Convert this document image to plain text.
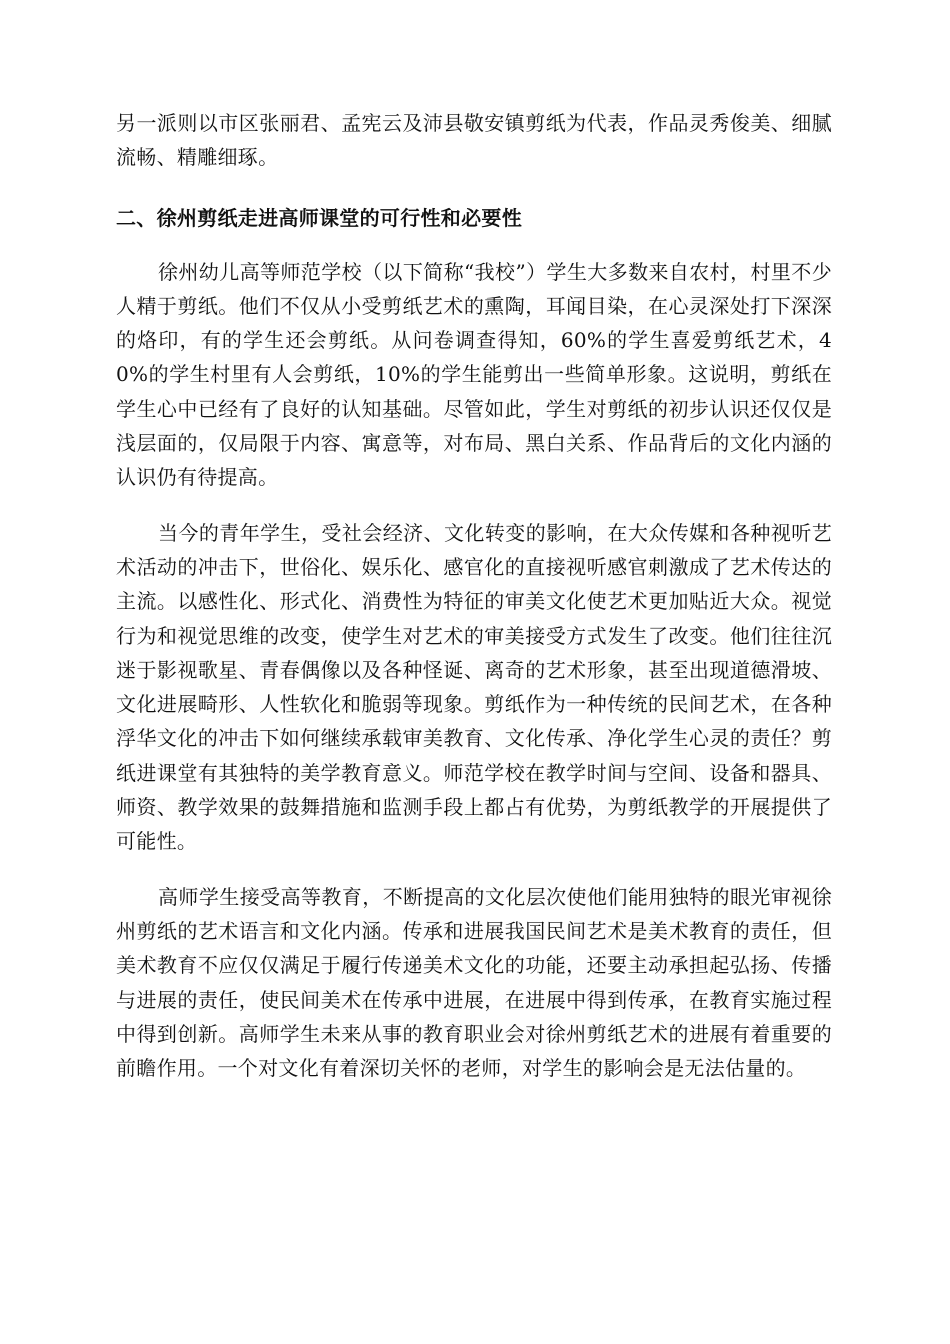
另一派则以市区张丽君、孟宪云及沛县敬安镇剪纸为代表，作品灵秀俊美、细腻流畅、精雕细琢。

二、徐州剪纸走进高师课堂的可行性和必要性

徐州幼儿高等师范学校（以下简称“我校”）学生大多数来自农村，村里不少人精于剪纸。他们不仅从小受剪纸艺术的熏陶，耳闻目染，在心灵深处打下深深的烙印，有的学生还会剪纸。从问卷调查得知，60%的学生喜爱剪纸艺术，40%的学生村里有人会剪纸，10%的学生能剪出一些简单形象。这说明，剪纸在学生心中已经有了良好的认知基础。尽管如此，学生对剪纸的初步认识还仅仅是浅层面的，仅局限于内容、寓意等，对布局、黑白关系、作品背后的文化内涵的认识仍有待提高。

当今的青年学生，受社会经济、文化转变的影响，在大众传媒和各种视听艺术活动的冲击下，世俗化、娱乐化、感官化的直接视听感官刺激成了艺术传达的主流。以感性化、形式化、消费性为特征的审美文化使艺术更加贴近大众。视觉行为和视觉思维的改变，使学生对艺术的审美接受方式发生了改变。他们往往沉迷于影视歌星、青春偶像以及各种怪诞、离奇的艺术形象，甚至出现道德滑坡、文化进展畸形、人性软化和脆弱等现象。剪纸作为一种传统的民间艺术，在各种浮华文化的冲击下如何继续承载审美教育、文化传承、净化学生心灵的责任？剪纸进课堂有其独特的美学教育意义。师范学校在教学时间与空间、设备和器具、师资、教学效果的鼓舞措施和监测手段上都占有优势，为剪纸教学的开展提供了可能性。

高师学生接受高等教育，不断提高的文化层次使他们能用独特的眼光审视徐州剪纸的艺术语言和文化内涵。传承和进展我国民间艺术是美术教育的责任，但美术教育不应仅仅满足于履行传递美术文化的功能，还要主动承担起弘扬、传播与进展的责任，使民间美术在传承中进展，在进展中得到传承，在教育实施过程中得到创新。高师学生未来从事的教育职业会对徐州剪纸艺术的进展有着重要的前瞻作用。一个对文化有着深切关怀的老师，对学生的影响会是无法估量的。
